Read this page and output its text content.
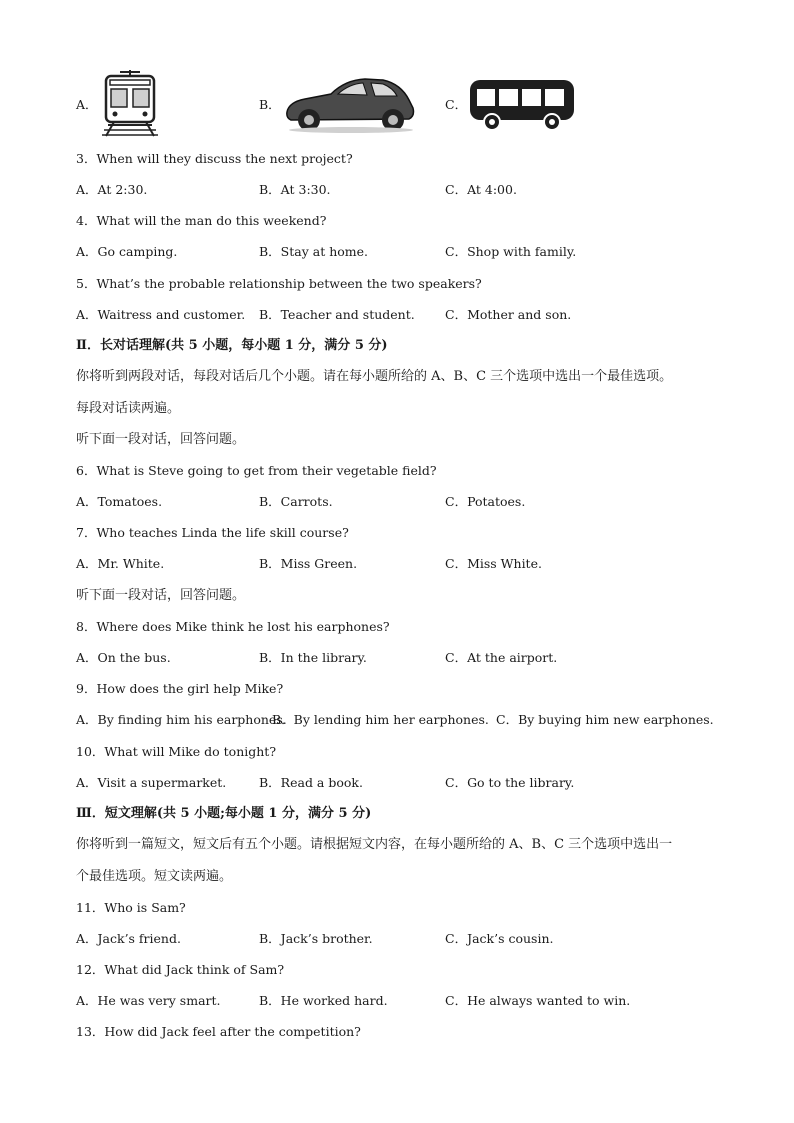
A．	B．	C．
3．When will they discuss the next project?
A．At 2:30.	B．At 3:30.	C．At 4:00.
4．What will the man do this weekend?
A．Go camping.	B．Stay at home.	C．Shop with family.
5．What’s the probable relationship between the two speakers?
A．Waitress and customer. B．Teacher and student. C．Mother and son.
Ⅱ．长对话理解(共 5 小题，每小题 1 分，满分 5 分)
你将听到两段对话，每段对话后几个小题。请在每小题所给的 A、B、C 三个选项中选出一个最佳选项。
每段对话读两遍。
听下面一段对话，回答问题。
6．What is Steve going to get from their vegetable field?
A．Tomatoes.	B．Carrots.	C．Potatoes.
7．Who teaches Linda the life skill course?
A．Mr. White.	B．Miss Green.	C．Miss White.
听下面一段对话，回答问题。
8．Where does Mike think he lost his earphones?
A．On the bus.	B．In the library.	C．At the airport.
9．How does the girl help Mike?
A．By finding him his earphones.
B．By lending him her earphones. C．By buying him new earphones.
10．What will Mike do tonight?
A．Visit a supermarket.	B．Read a book.	C．Go to the library.
Ⅲ．短文理解(共 5 小题;每小题 1 分，满分 5 分)
你将听到一篇短文，短文后有五个小题。请根据短文内容，在每小题所给的 A、B、C 三个选项中选出一
个最佳选项。短文读两遍。
11．Who is Sam?
A．Jack’s friend.	B．Jack’s brother.	C．Jack’s cousin.
12．What did Jack think of Sam?
A．He was very smart.	B．He worked hard.	C．He always wanted to win.
13．How did Jack feel after the competition?
